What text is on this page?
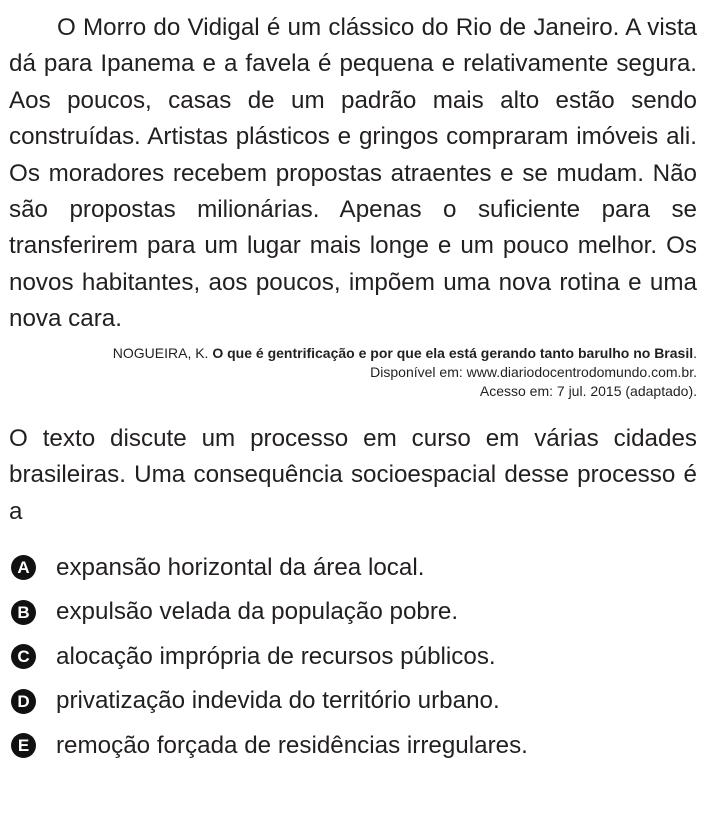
O Morro do Vidigal é um clássico do Rio de Janeiro. A vista dá para Ipanema e a favela é pequena e relativamente segura. Aos poucos, casas de um padrão mais alto estão sendo construídas. Artistas plásticos e gringos compraram imóveis ali. Os moradores recebem propostas atraentes e se mudam. Não são propostas milionárias. Apenas o suficiente para se transferirem para um lugar mais longe e um pouco melhor. Os novos habitantes, aos poucos, impõem uma nova rotina e uma nova cara.

NOGUEIRA, K. O que é gentrificação e por que ela está gerando tanto barulho no Brasil.
Disponível em: www.diariodocentrodomundo.com.br.
Acesso em: 7 jul. 2015 (adaptado).

O texto discute um processo em curso em várias cidades brasileiras. Uma consequência socioespacial desse processo é a

A expansão horizontal da área local.
B expulsão velada da população pobre.
C alocação imprópria de recursos públicos.
D privatização indevida do território urbano.
E remoção forçada de residências irregulares.
